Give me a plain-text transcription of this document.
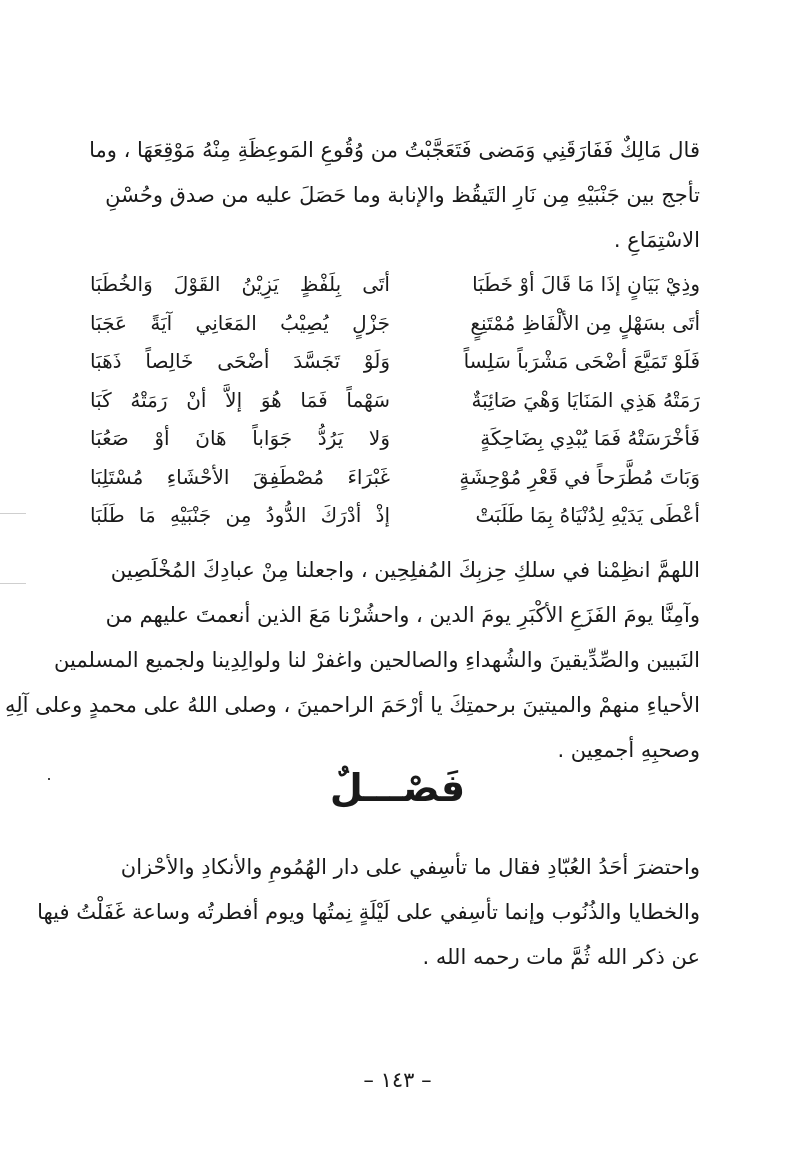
قال مَالِكٌ فَفَارَقَنِي وَمَضى فَتَعَجَّبْتُ من وُقُوعِ المَوعِظَةِ مِنْهُ مَوْقِعَهَا ، وما
تأجج بين جَنْبَيْهِ مِن نَارِ التَيقُظ والإنابة وما حَصَلَ عليه من صدق وحُسْنِ
الاسْتِمَاعِ .
وذِيْ بَيَانٍ إذَا مَا قَالَ أوْ خَطَبَا
أتَى بِلَفْظٍ يَزِيْنُ القَوْلَ وَالخُطَبَا
أتَى بسَهْلٍ مِن الألْفَاظِ مُمْتَنِعٍ
جَزْلٍ يُصِيْبُ المَعَانِي آيَةً عَجَبَا
فَلَوْ تَمَيَّعَ أضْحَى مَشْرَباً سَلِساً
وَلَوْ تَجَسَّدَ أضْحَى خَالِصاً ذَهَبَا
رَمَتْهُ هَذِي المَنَايَا وَهْيَ صَائِبَةٌ
سَهْماً فَمَا هُوَ إلاَّ أنْ رَمَتْهُ كَبَا
فَأخْرَسَتْهُ فَمَا يُبْدِي بِضَاحِكَةٍ
وَلا يَرُدُّ جَوَاباً هَانَ أوْ صَعُبَا
وَبَاتَ مُطَّرَحاً في قَعْرِ مُوْحِشَةٍ
غَبْرَاءَ مُصْطَفِقَ الأحْشَاءِ مُسْتَلِبَا
أعْطَى يَدَيْهِ لِدُنْيَاهُ بِمَا طَلَبَتْ
إذْ أدْرَكَ الدُّودُ مِن جَنْبَيْهِ مَا طَلَبَا
اللهمَّ انظِمْنا في سلكِ حِزبِكَ المُفلِحِين ، واجعلنا مِنْ عبادِكَ المُخْلَصِين
وآمِنَّا يومَ الفَزَعِ الأكْبَرِ يومَ الدين ، واحشُرْنا مَعَ الذين أنعمتَ عليهم من
النَبيين والصِّدِّيقينَ والشُهداءِ والصالحين واغفرْ لنا ولوالِدِينا ولجميع المسلمين
الأحياءِ منهمْ والميتينَ برحمتِكَ يا أرْحَمَ الراحمينَ ، وصلى اللهُ على محمدٍ وعلى آلِهِ
وصحبِهِ أجمعِين .
فَصْـــلٌ
واحتضرَ أحَدُ العُبّادِ فقال ما تأسِفي على دار الهُمُومِ والأنكادِ والأحْزان
والخطايا والذُنُوب وإنما تأسِفي على لَيْلَةٍ نِمتُها ويوم أفطرتُه وساعة غَفَلْتُ فيها
عن ذكر الله ثُمَّ مات رحمه الله .
– ١٤٣ –
